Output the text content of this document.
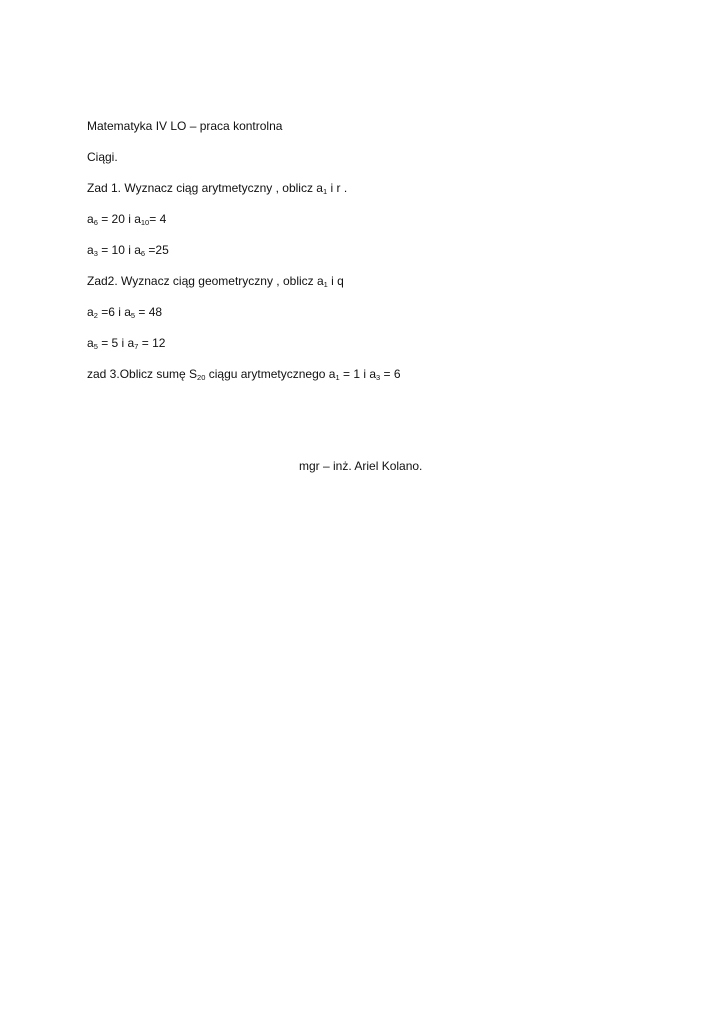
Matematyka IV LO – praca kontrolna
Ciągi.
Zad 1. Wyznacz ciąg arytmetyczny , oblicz $a_1$ i r .
$a_6 = 20$ i $a_{10}= 4$
$a_3 = 10$ i $a_6 =25$
Zad2. Wyznacz ciąg geometryczny , oblicz $a_1$ i q
$a_2 =6$ i $a_5 = 48$
$a_5 = 5$ i $a_7 = 12$
zad 3.Oblicz sumę $S_{20}$ ciągu arytmetycznego $a_1 = 1$ i $a_3 = 6$
mgr – inż. Ariel Kolano.
